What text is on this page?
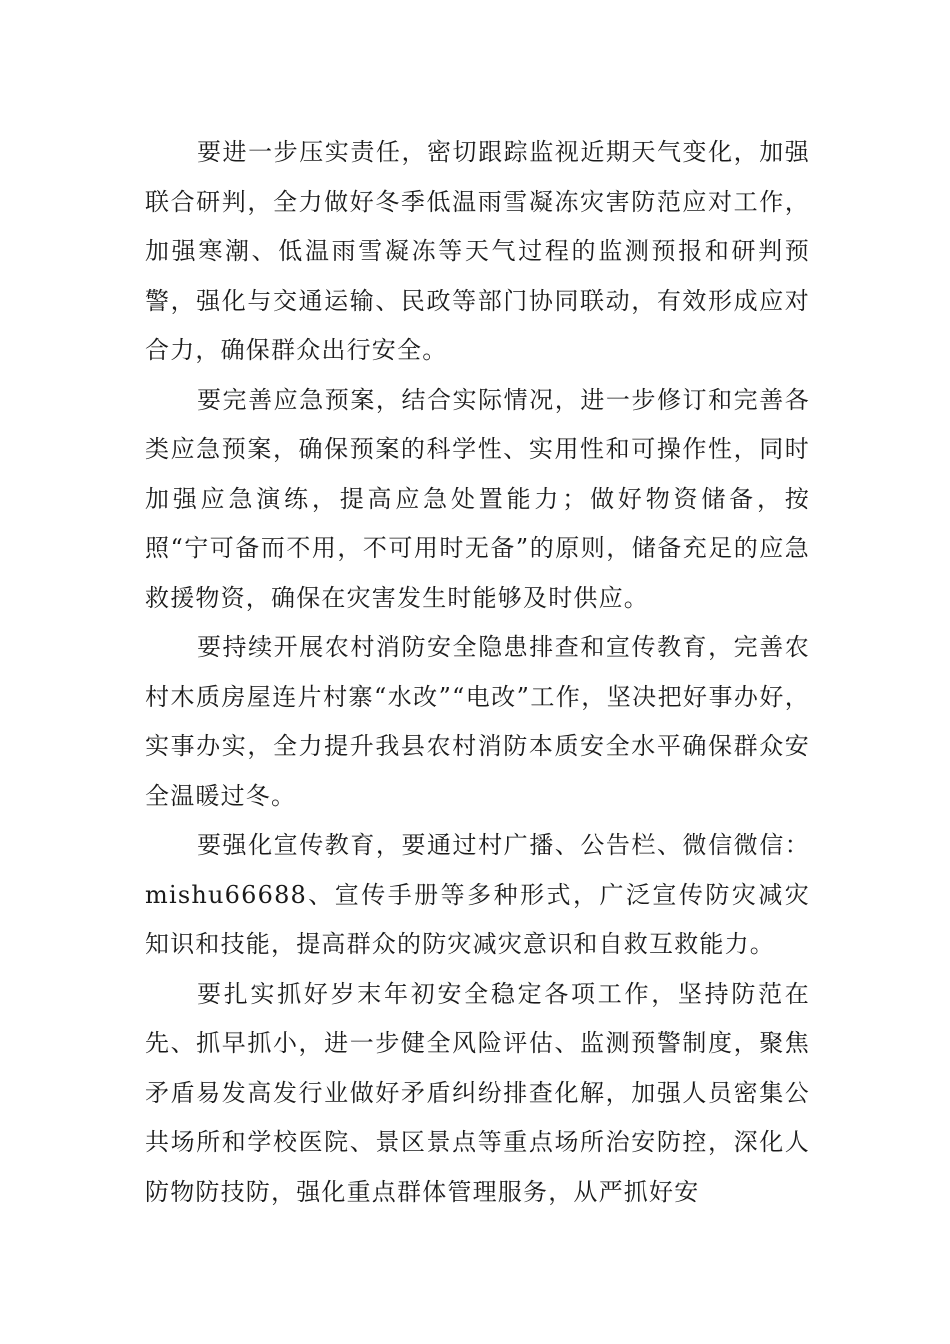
要进一步压实责任，密切跟踪监视近期天气变化，加强联合研判，全力做好冬季低温雨雪凝冻灾害防范应对工作，加强寒潮、低温雨雪凝冻等天气过程的监测预报和研判预警，强化与交通运输、民政等部门协同联动，有效形成应对合力，确保群众出行安全。

要完善应急预案，结合实际情况，进一步修订和完善各类应急预案，确保预案的科学性、实用性和可操作性，同时加强应急演练，提高应急处置能力；做好物资储备，按照“宁可备而不用，不可用时无备”的原则，储备充足的应急救援物资，确保在灾害发生时能够及时供应。

要持续开展农村消防安全隐患排查和宣传教育，完善农村木质房屋连片村寨“水改”“电改”工作，坚决把好事办好，实事办实，全力提升我县农村消防本质安全水平确保群众安全温暖过冬。

要强化宣传教育，要通过村广播、公告栏、微信微信：mishu66688、宣传手册等多种形式，广泛宣传防灾减灾知识和技能，提高群众的防灾减灾意识和自救互救能力。

要扎实抓好岁末年初安全稳定各项工作，坚持防范在先、抓早抓小，进一步健全风险评估、监测预警制度，聚焦矛盾易发高发行业做好矛盾纠纷排查化解，加强人员密集公共场所和学校医院、景区景点等重点场所治安防控，深化人防物防技防，强化重点群体管理服务，从严抓好安
